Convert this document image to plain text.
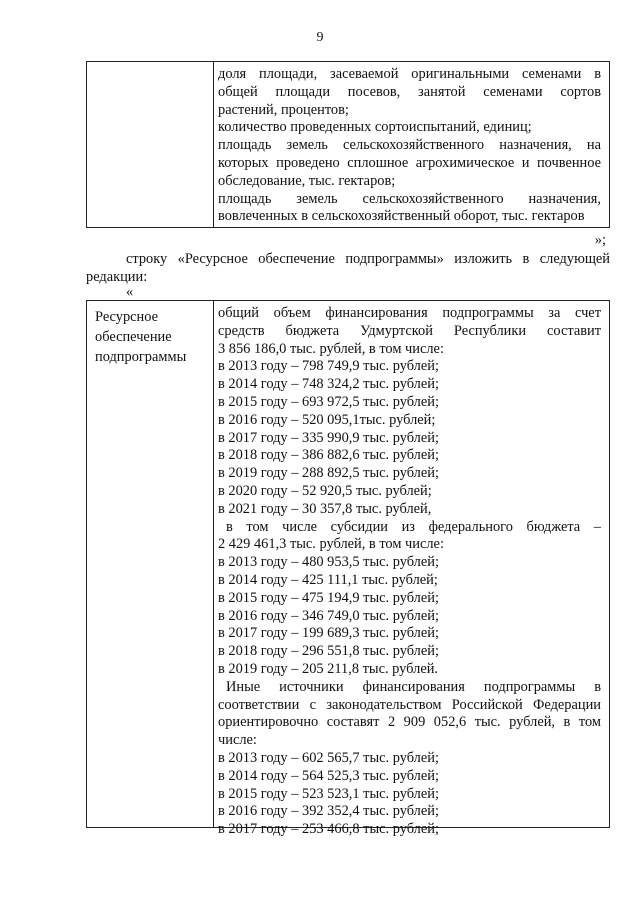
9
доля площади, засеваемой оригинальными семенами в
общей площади посевов, занятой семенами сортов
растений, процентов;
количество проведенных сортоиспытаний, единиц;
площадь земель сельскохозяйственного назначения, на
которых проведено сплошное агрохимическое и почвенное
обследование, тыс. гектаров;
площадь земель сельскохозяйственного назначения,
вовлеченных в сельскохозяйственный оборот, тыс. гектаров
»;
строку «Ресурсное обеспечение подпрограммы» изложить в следующей
редакции:
«
Ресурсное
обеспечение
подпрограммы
общий объем финансирования подпрограммы за счет
средств бюджета Удмуртской Республики составит
3 856 186,0 тыс. рублей, в том числе:
в 2013 году – 798 749,9 тыс. рублей;
в 2014 году – 748 324,2 тыс. рублей;
в 2015 году – 693 972,5 тыс. рублей;
в 2016 году – 520 095,1тыс. рублей;
в 2017 году – 335 990,9 тыс. рублей;
в 2018 году – 386 882,6 тыс. рублей;
в 2019 году – 288 892,5 тыс. рублей;
в 2020 году – 52 920,5 тыс. рублей;
в 2021 году – 30 357,8 тыс. рублей,
в том числе субсидии из федерального бюджета –
2 429 461,3 тыс. рублей, в том числе:
в 2013 году – 480 953,5 тыс. рублей;
в 2014 году – 425 111,1 тыс. рублей;
в 2015 году – 475 194,9 тыс. рублей;
в 2016 году – 346 749,0 тыс. рублей;
в 2017 году – 199 689,3 тыс. рублей;
в 2018 году – 296 551,8 тыс. рублей;
в 2019 году – 205 211,8 тыс. рублей.
Иные источники финансирования подпрограммы в
соответствии с законодательством Российской Федерации
ориентировочно составят 2 909 052,6 тыс. рублей, в том
числе:
в 2013 году – 602 565,7 тыс. рублей;
в 2014 году – 564 525,3 тыс. рублей;
в 2015 году – 523 523,1 тыс. рублей;
в 2016 году – 392 352,4 тыс. рублей;
в 2017 году – 253 466,8 тыс. рублей;
